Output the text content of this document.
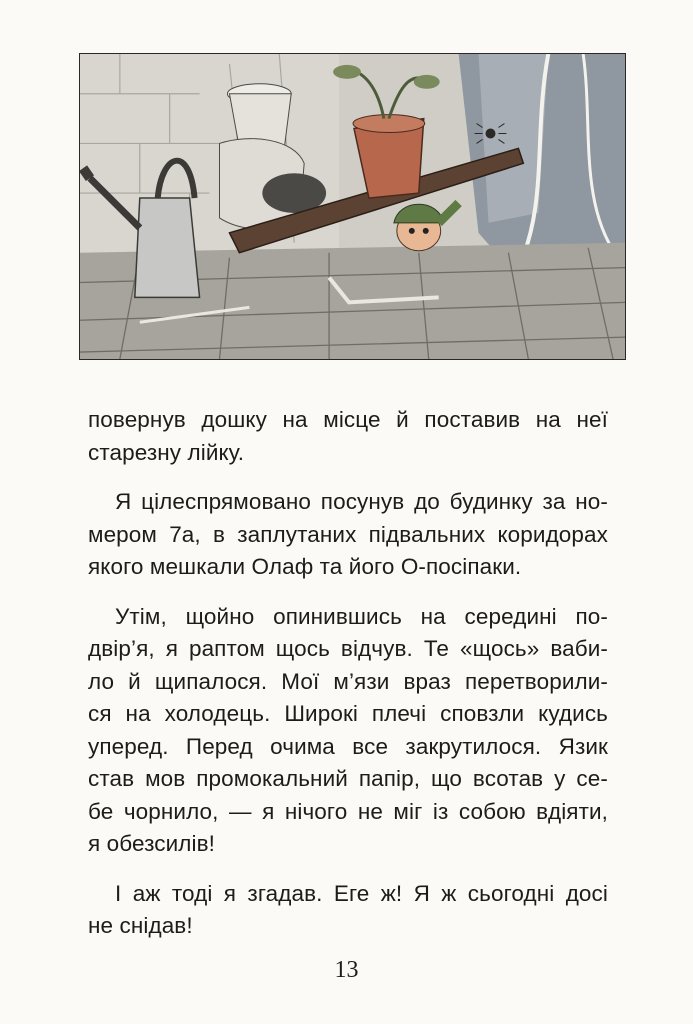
повернув дошку на місце й поставив на неї
старезну лійку.

Я цілеспрямовано посунув до будинку за но-
мером 7а, в заплутаних підвальних коридорах
якого мешкали Олаф та його О-посіпаки.

Утім, щойно опинившись на середині по-
двір’я, я раптом щось відчув. Те «щось» ваби-
ло й щипалося. Мої м’язи враз перетворили-
ся на холодець. Широкі плечі сповзли кудись
уперед. Перед очима все закрутилося. Язик
став мов промокальний папір, що всотав у се-
бе чорнило, — я нічого не міг із собою вдіяти,
я обезсилів!

І аж тоді я згадав. Еге ж! Я ж сьогодні досі
не снідав!

13
